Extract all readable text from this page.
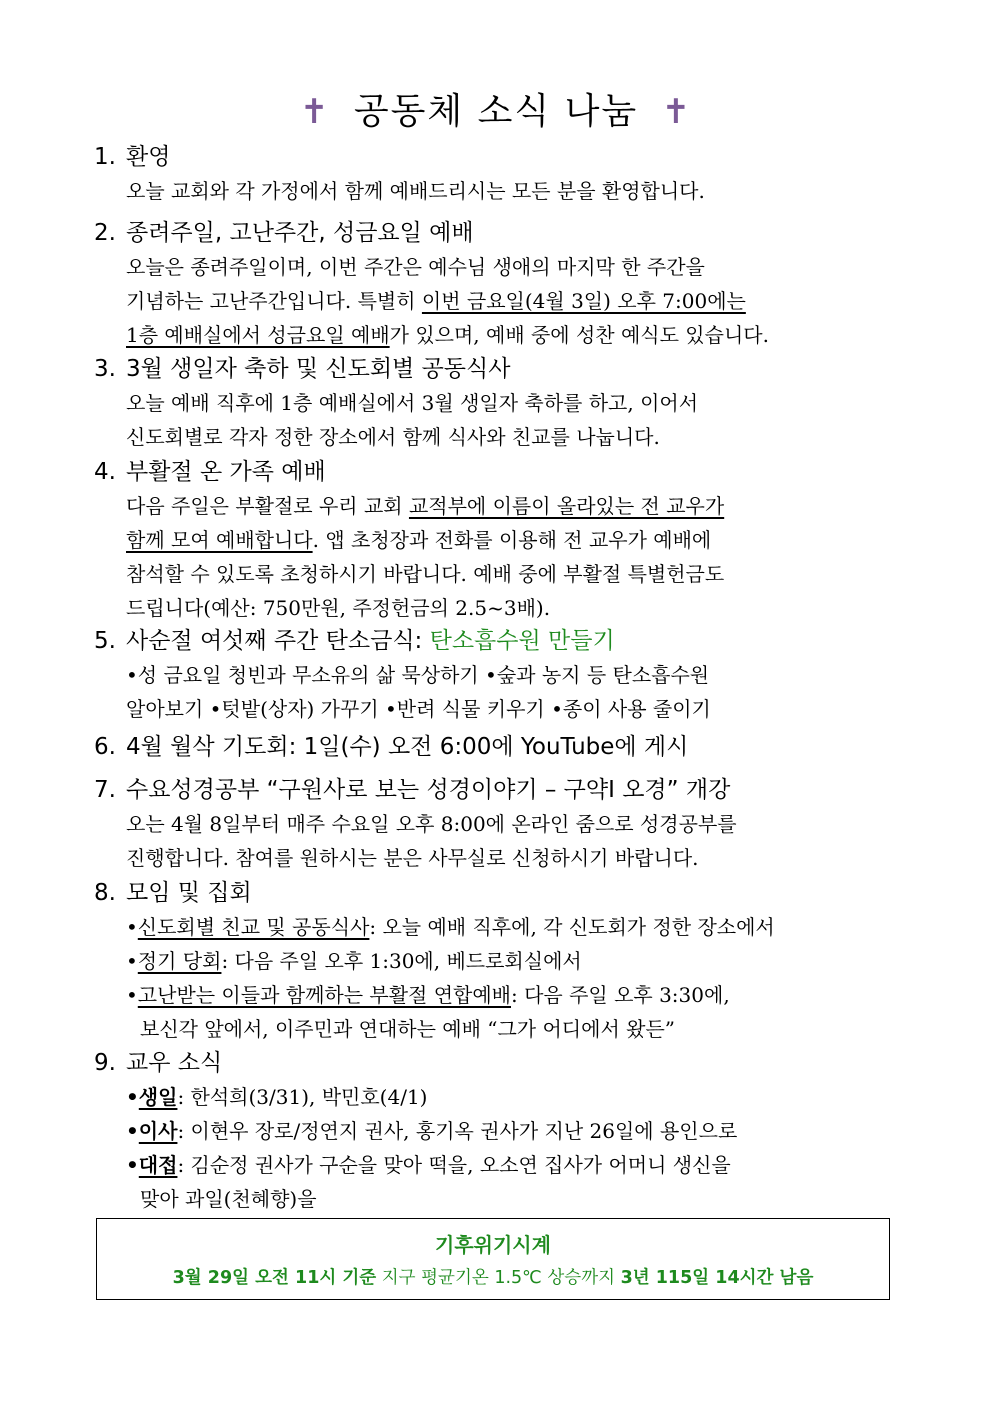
✝ 공동체 소식 나눔 ✝
1. 환영
오늘 교회와 각 가정에서 함께 예배드리시는 모든 분을 환영합니다.
2. 종려주일, 고난주간, 성금요일 예배
오늘은 종려주일이며, 이번 주간은 예수님 생애의 마지막 한 주간을
기념하는 고난주간입니다. 특별히 이번 금요일(4월 3일) 오후 7:00에는
1층 예배실에서 성금요일 예배가 있으며, 예배 중에 성찬 예식도 있습니다.
3. 3월 생일자 축하 및 신도회별 공동식사
오늘 예배 직후에 1층 예배실에서 3월 생일자 축하를 하고, 이어서
신도회별로 각자 정한 장소에서 함께 식사와 친교를 나눕니다.
4. 부활절 온 가족 예배
다음 주일은 부활절로 우리 교회 교적부에 이름이 올라있는 전 교우가
함께 모여 예배합니다. 앱 초청장과 전화를 이용해 전 교우가 예배에
참석할 수 있도록 초청하시기 바랍니다. 예배 중에 부활절 특별헌금도
드립니다(예산: 750만원, 주정헌금의 2.5~3배).
5. 사순절 여섯째 주간 탄소금식: 탄소흡수원 만들기
•성 금요일 청빈과 무소유의 삶 묵상하기 •숲과 농지 등 탄소흡수원
알아보기 •텃밭(상자) 가꾸기 •반려 식물 키우기 •종이 사용 줄이기
6. 4월 월삭 기도회: 1일(수) 오전 6:00에 YouTube에 게시
7. 수요성경공부 “구원사로 보는 성경이야기 – 구약Ⅰ 오경” 개강
오는 4월 8일부터 매주 수요일 오후 8:00에 온라인 줌으로 성경공부를
진행합니다. 참여를 원하시는 분은 사무실로 신청하시기 바랍니다.
8. 모임 및 집회
•신도회별 친교 및 공동식사: 오늘 예배 직후에, 각 신도회가 정한 장소에서
•정기 당회: 다음 주일 오후 1:30에, 베드로회실에서
•고난받는 이들과 함께하는 부활절 연합예배: 다음 주일 오후 3:30에,
보신각 앞에서, 이주민과 연대하는 예배 “그가 어디에서 왔든”
9. 교우 소식
•생일: 한석희(3/31), 박민호(4/1)
•이사: 이현우 장로/정연지 권사, 홍기옥 권사가 지난 26일에 용인으로
•대접: 김순정 권사가 구순을 맞아 떡을, 오소연 집사가 어머니 생신을
맞아 과일(천혜향)을
기후위기시계
3월 29일 오전 11시 기준 지구 평균기온 1.5℃ 상승까지 3년 115일 14시간 남음
